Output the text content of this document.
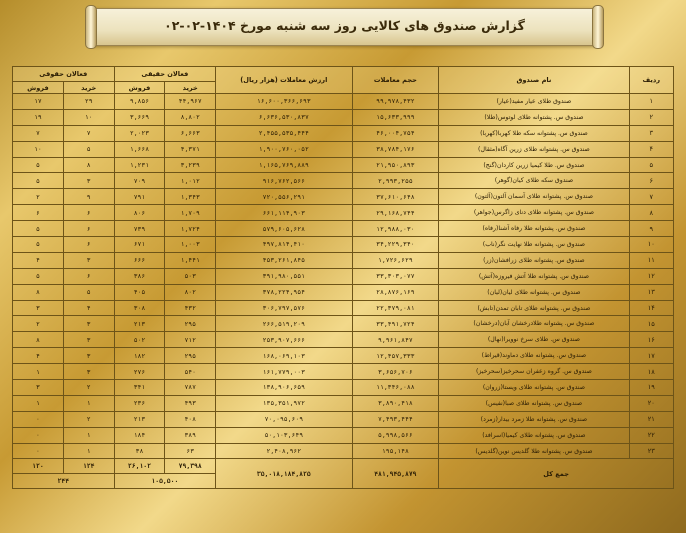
گزارش صندوق های کالایی روز سه شنبه مورخ ۱۴۰۴-۰۲-۰۲
ردیف	نام صندوق	حجم معاملات	ارزش معاملات (هزار ریال)	فعالان حقیقی		فعالان حقوقی	
				خرید	فروش	خرید	فروش
۱	صندوق طلای عیار مفید(عیار)	۹۹,۹۷۸,۴۳۲	۱۶,۶۰۰,۳۶۶,۶۹۳	۴۴,۹۶۷	۹,۸۵۶	۲۹	۱۷
۲	صندوق س. پشتوانه طلای لوتوس(طلا)	۱۵,۶۳۳,۹۹۹	۶,۶۳۶,۵۳۰,۸۳۷	۸,۸۰۲	۳,۶۶۹	۱۰	۱۹
۳	صندوق س. پشتوانه سکه طلا کهربا(کهربا)	۴۶,۰۰۴,۷۵۴	۲,۴۵۵,۵۳۵,۴۴۴	۶,۶۶۳	۲,۰۲۳	۷	۷
۴	صندوق س. پشتوانه طلای زرین آگاه(مثقال)	۳۸,۷۸۴,۱۷۶	۱,۹۰۰,۷۶۰,۰۵۲	۴,۳۷۱	۱,۶۶۸	۵	۱۰
۵	صندوق س. طلا کیمیا زرین کاردان(گنج)	۲۱,۹۵۰,۸۹۳	۱,۱۶۵,۷۶۹,۸۸۹	۳,۲۳۹	۱,۲۳۱	۸	۵
۶	صندوق سکه طلای کیان(گوهر)	۲,۹۹۳,۲۵۵	۹۱۶,۷۶۲,۵۶۶	۱,۰۱۲	۷۰۹	۳	۵
۷	صندوق س. پشتوانه طلای آسمان آلتون(آلتون)	۳۷,۶۱۰,۶۴۸	۷۲۰,۵۵۶,۲۹۱	۱,۳۴۳	۷۹۱	۹	۲
۸	صندوق س. پشتوانه طلای دنای زاگرس(جواهر)	۲۹,۱۶۸,۷۴۴	۶۶۱,۱۱۴,۹۰۳	۱,۷۰۹	۸۰۶	۶	۶
۹	صندوق س. پشتوانه طلا رفاه آشنا(رفاه)	۱۲,۹۸۸,۰۳۰	۵۷۹,۶۰۵,۶۲۸	۱,۷۲۴	۷۳۹	۶	۵
۱۰	صندوق س. پشتوانه طلا نهایت نگر(ناب)	۳۴,۲۲۹,۳۴۰	۴۹۷,۸۱۴,۴۱۰	۱,۰۰۳	۶۷۱	۶	۵
۱۱	صندوق س. پشتوانه طلای زرافشان(زر)	۱,۷۲۶,۶۲۹	۴۵۳,۲۶۱,۸۴۵	۱,۴۴۱	۶۶۶	۳	۴
۱۲	صندوق س. پشتوانه طلا آتش فیروزه(آتش)	۳۳,۳۰۳,۰۷۷	۳۹۱,۹۸۰,۵۵۱	۵۰۳	۳۸۶	۶	۵
۱۳	صندوق س. پشتوانه طلای لیان(لیان)	۲۸,۸۷۶,۱۶۹	۳۷۸,۲۲۴,۹۵۴	۸۰۲	۴۰۵	۵	۸
۱۴	صندوق س. پشتوانه طلای تابان تمدن(تابش)	۲۲,۳۷۹,۰۸۱	۳۰۶,۷۹۷,۵۷۶	۴۳۲	۳۰۸	۴	۳
۱۵	صندوق س. پشتوانه طلادرخشان آبان(درخشان)	۳۳,۴۹۱,۷۲۴	۲۶۶,۵۱۹,۲۰۹	۲۹۵	۲۱۳	۳	۲
۱۶	صندوق س. طلای سرخ نوویرا(نهال)	۹,۹۶۱,۸۴۷	۲۵۳,۹۰۷,۶۶۶	۷۱۲	۵۰۲	۳	۸
۱۷	صندوق س. پشتوانه طلای دماوند(قیراط)	۱۲,۴۵۷,۳۳۳	۱۶۸,۰۶۹,۱۰۳	۲۹۵	۱۸۲	۳	۴
۱۸	صندوق س. گروه زعفران سحرخیز(سحرخیز)	۳,۶۵۶,۷۰۶	۱۶۱,۷۷۹,۰۰۳	۵۴۰	۲۷۶	۳	۱
۱۹	صندوق س. پشتوانه طلای ویستا(زروان)	۱۱,۳۴۶,۰۸۸	۱۳۸,۹۰۶,۶۵۹	۷۸۷	۳۴۱	۲	۳
۲۰	صندوق س. پشتوانه طلای صبا(نفیس)	۳,۸۹۰,۴۱۸	۱۳۵,۳۵۱,۹۷۲	۴۹۳	۲۳۶	۱	۱
۲۱	صندوق س. پشتوانه طلا زمرد بیدار(زمرد)	۷,۴۹۳,۴۴۴	۷۰,۰۹۵,۶۰۹	۴۰۸	۲۱۳	۲	۰
۲۲	صندوق س. پشتوانه طلای کیمیا(اسرافد)	۵,۹۹۸,۵۶۶	۵۰,۱۰۳,۶۴۹	۳۸۹	۱۸۴	۱	۰
۲۳	صندوق س. پشتوانه طلا گلدیس نوین(گلدیس)	۱۹۵,۱۴۸	۲,۴۰۸,۹۶۲	۶۳	۳۸	۱	۰
جمع کل		۴۸۱,۹۴۵,۸۷۹	۳۵,۰۱۸,۱۸۴,۸۲۵	۷۹,۳۹۸	۲۶,۱۰۲	۱۲۴	۱۲۰
				۱۰۵,۵۰۰		۲۴۴	
